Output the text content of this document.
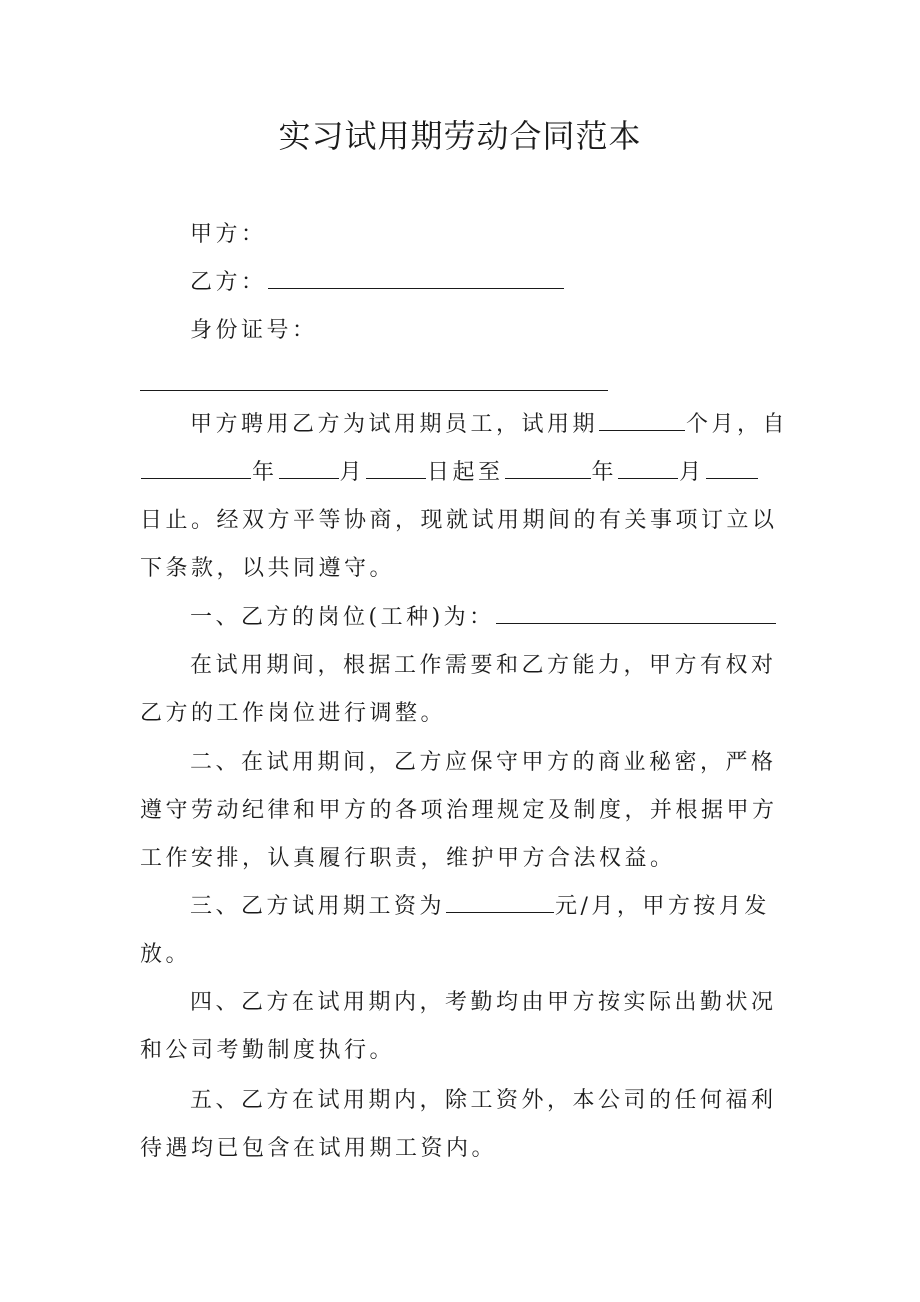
实习试用期劳动合同范本
甲方：
乙方：
身份证号：
甲方聘用乙方为试用期员工，试用期	个月，自
年	月	日起至	年	月
日止。经双方平等协商，现就试用期间的有关事项订立以
下条款，以共同遵守。
一、乙方的岗位(工种)为：
在试用期间，根据工作需要和乙方能力，甲方有权对
乙方的工作岗位进行调整。
二、在试用期间，乙方应保守甲方的商业秘密，严格
遵守劳动纪律和甲方的各项治理规定及制度，并根据甲方
工作安排，认真履行职责，维护甲方合法权益。
三、乙方试用期工资为	元/月，甲方按月发
放。
四、乙方在试用期内，考勤均由甲方按实际出勤状况
和公司考勤制度执行。
五、乙方在试用期内，除工资外，本公司的任何福利
待遇均已包含在试用期工资内。
